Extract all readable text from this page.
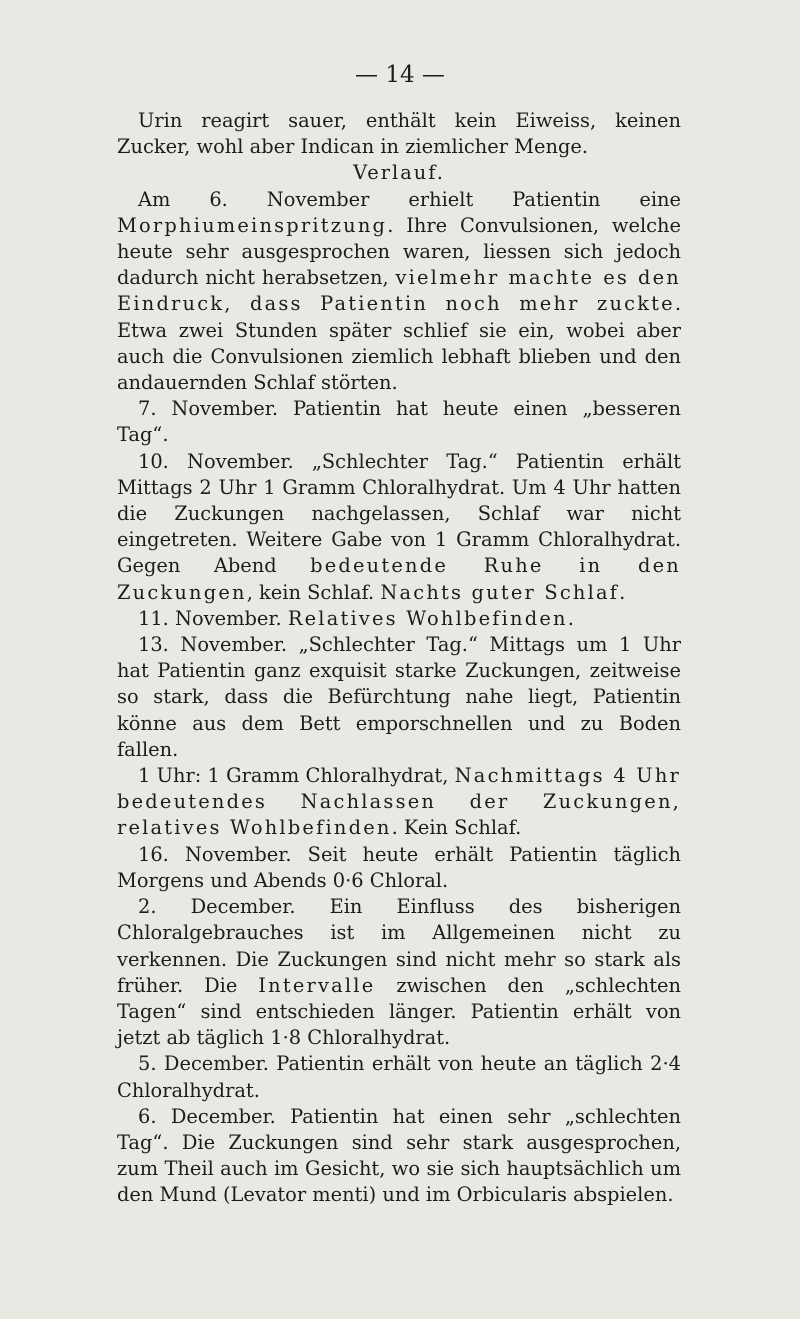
— 14 —

Urin reagirt sauer, enthält kein Eiweiss, keinen Zucker, wohl aber Indican in ziemlicher Menge.

Verlauf.

Am 6. November erhielt Patientin eine Morphiumeinspritzung. Ihre Convulsionen, welche heute sehr ausgesprochen waren, liessen sich jedoch dadurch nicht herabsetzen, vielmehr machte es den Eindruck, dass Patientin noch mehr zuckte. Etwa zwei Stunden später schlief sie ein, wobei aber auch die Convulsionen ziemlich lebhaft blieben und den andauernden Schlaf störten.

7. November. Patientin hat heute einen „besseren Tag“.

10. November. „Schlechter Tag.“ Patientin erhält Mittags 2 Uhr 1 Gramm Chloralhydrat. Um 4 Uhr hatten die Zuckungen nachgelassen, Schlaf war nicht eingetreten. Weitere Gabe von 1 Gramm Chloralhydrat. Gegen Abend bedeutende Ruhe in den Zuckungen, kein Schlaf. Nachts guter Schlaf.

11. November. Relatives Wohlbefinden.

13. November. „Schlechter Tag.“ Mittags um 1 Uhr hat Patientin ganz exquisit starke Zuckungen, zeitweise so stark, dass die Befürchtung nahe liegt, Patientin könne aus dem Bett emporschnellen und zu Boden fallen.

1 Uhr: 1 Gramm Chloralhydrat, Nachmittags 4 Uhr bedeutendes Nachlassen der Zuckungen, relatives Wohlbefinden. Kein Schlaf.

16. November. Seit heute erhält Patientin täglich Morgens und Abends 0·6 Chloral.

2. December. Ein Einfluss des bisherigen Chloralgebrauches ist im Allgemeinen nicht zu verkennen. Die Zuckungen sind nicht mehr so stark als früher. Die Intervalle zwischen den „schlechten Tagen“ sind entschieden länger. Patientin erhält von jetzt ab täglich 1·8 Chloralhydrat.

5. December. Patientin erhält von heute an täglich 2·4 Chloralhydrat.

6. December. Patientin hat einen sehr „schlechten Tag“. Die Zuckungen sind sehr stark ausgesprochen, zum Theil auch im Gesicht, wo sie sich hauptsächlich um den Mund (Levator menti) und im Orbicularis abspielen.
